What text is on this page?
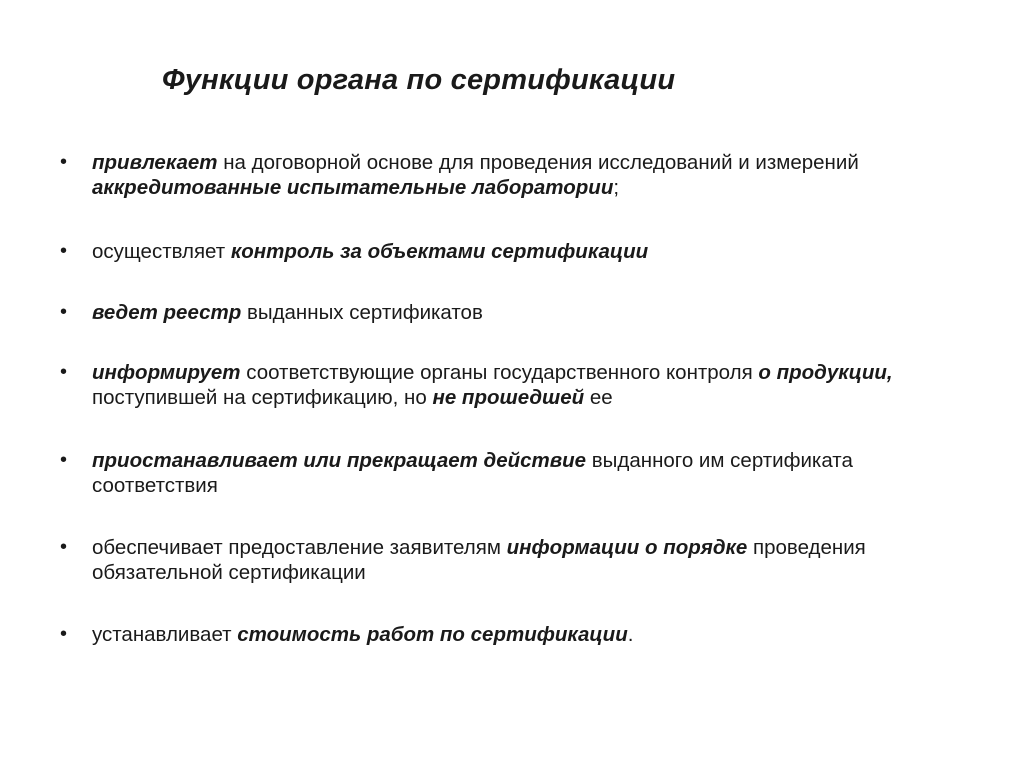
Функции органа по сертификации
•	привлекает на договорной основе для проведения исследований и измерений аккредитованные испытательные лаборатории;
•	осуществляет контроль за объектами сертификации
•	ведет реестр выданных сертификатов
•	информирует соответствующие органы государственного контроля о продукции, поступившей на сертификацию, но не прошедшей ее
•	приостанавливает или прекращает действие выданного им сертификата соответствия
•	обеспечивает предоставление заявителям информации о порядке проведения обязательной сертификации
•	устанавливает стоимость работ по сертификации.
